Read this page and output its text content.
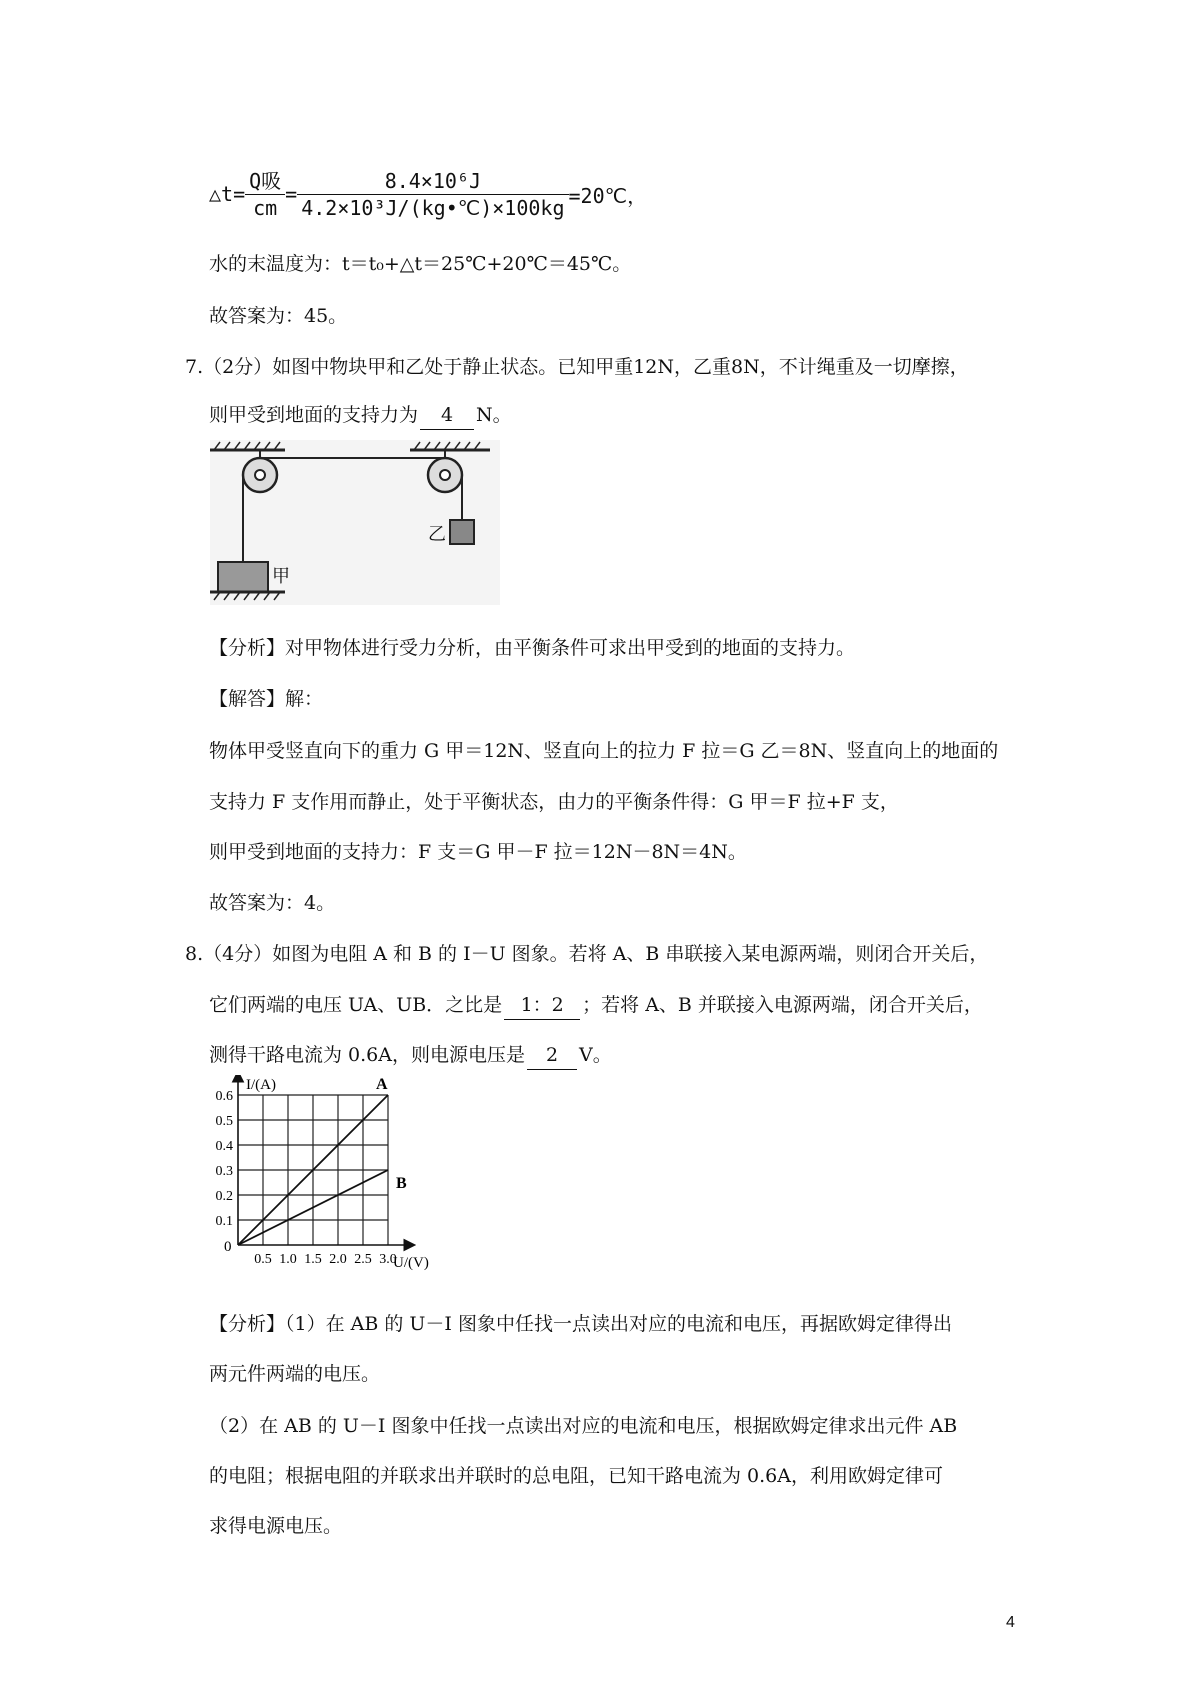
△t= $\frac{\text{Q吸}}{cm} = \frac{\text{8.4×10⁶J}}{\text{4.2×10³J/(kg•℃)×100kg}}$ =20℃，
水的末温度为：t＝t₀+△t＝25℃+20℃＝45℃。
故答案为：45。
7.（2分）如图中物块甲和乙处于静止状态。已知甲重12N，乙重8N，不计绳重及一切摩擦，
则甲受到地面的支持力为 4 N。
乙
甲
【分析】对甲物体进行受力分析，由平衡条件可求出甲受到的地面的支持力。
【解答】解：
物体甲受竖直向下的重力 G 甲＝12N、竖直向上的拉力 F 拉＝G 乙＝8N、竖直向上的地面的
支持力 F 支作用而静止，处于平衡状态，由力的平衡条件得：G 甲＝F 拉+F 支，
则甲受到地面的支持力：F 支＝G 甲－F 拉＝12N－8N＝4N。
故答案为：4。
8.（4分）如图为电阻 A 和 B 的 I－U 图象。若将 A、B 串联接入某电源两端，则闭合开关后，
它们两端的电压 UA、UB．之比是 1：2 ；若将 A、B 并联接入电源两端，闭合开关后，
测得干路电流为 0.6A，则电源电压是 2 V。
0
0.5 1.0 1.5 2.0 2.5 3.0
0.1
0.2
0.3
0.4
0.5
0.6
I/(A)
U/(V)
A
B
【分析】（1）在 AB 的 U－I 图象中任找一点读出对应的电流和电压，再据欧姆定律得出
两元件两端的电压。
（2）在 AB 的 U－I 图象中任找一点读出对应的电流和电压，根据欧姆定律求出元件 AB
的电阻；根据电阻的并联求出并联时的总电阻，已知干路电流为 0.6A，利用欧姆定律可
求得电源电压。
4
